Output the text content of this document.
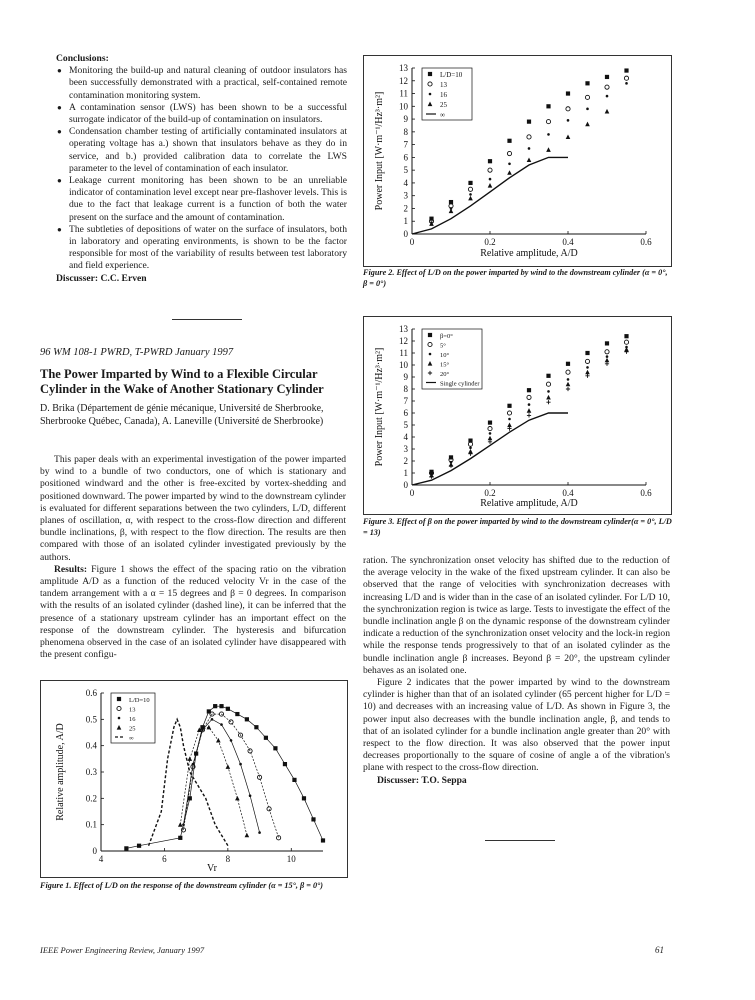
Conclusions:
● Monitoring the build-up and natural cleaning of outdoor insulators has been successfully demonstrated with a practical, self-contained remote contamination monitoring system.
● A contamination sensor (LWS) has been shown to be a successful surrogate indicator of the build-up of contamination on insulators.
● Condensation chamber testing of artificially contaminated insulators at operating voltage has a.) shown that insulators behave as they do in service, and b.) provided calibration data to correlate the LWS parameter to the level of contamination of each insulator.
● Leakage current monitoring has been shown to be an unreliable indicator of contamination level except near pre-flashover levels. This is due to the fact that leakage current is a function of both the water present on the surface and the amount of contamination.
● The subtleties of depositions of water on the surface of insulators, both in laboratory and operating environments, is shown to be the factor responsible for most of the variability of results between test laboratory and field experience.
Discusser: C.C. Erven
96 WM 108-1 PWRD, T-PWRD January 1997
The Power Imparted by Wind to a Flexible Circular Cylinder in the Wake of Another Stationary Cylinder
D. Brika (Département de génie mécanique, Université de Sherbrooke, Sherbrooke Québec, Canada), A. Laneville (Université de Sherbrooke)

This paper deals with an experimental investigation of the power imparted by wind to a bundle of two conductors, one of which is stationary and positioned windward and the other is free-excited by vortex-shedding and positioned downward. The power imparted by wind to the downstream cylinder is evaluated for different separations between the two cylinders, L/D, different planes of oscillation, α, with respect to the cross-flow direction and different bundle inclinations, β, with respect to the flow direction. The results are then compared with those of an isolated cylinder investigated previously by the authors.

Results: Figure 1 shows the effect of the spacing ratio on the vibration amplitude A/D as a function of the reduced velocity Vr in the case of the tandem arrangement with a α = 15 degrees and β = 0 degrees. In comparison with the results of an isolated cylinder (dashed line), it can be inferred that the presence of a stationary upstream cylinder has an important effect on the response of the downstream cylinder. The hysteresis and bifurcation phenomena observed in the case of an isolated cylinder have disappeared with the present configu-

0
0.1
0.2
0.3
0.4
0.5
0.6
4	6	8	10
Vr
Relative amplitude, A/D
L/D=10
13
16
25
∞
Figure 1. Effect of L/D on the response of the downstream cylinder (α = 15°, β = 0°)
0
1
2
3
4
5
6
7
8
9
10
11
12
13
0	0.2	0.4	0.6
Relative amplitude, A/D
Power Input [W·m⁻¹/Hz³·m²]
L/D=10
13
16
25
∞
Figure 2. Effect of L/D on the power imparted by wind to the downstream cylinder (α = 0°, β = 0°)
0
1
2
3
4
5
6
7
8
9
10
11
12
13
0	0.2	0.4	0.6
Relative amplitude, A/D
Power Input [W·m⁻¹/Hz³·m²]
β=0°
5°
10°
15°
20°
Single cylinder
Figure 3. Effect of β on the power imparted by wind to the downstream cylinder(α = 0°, L/D = 13)

ration. The synchronization onset velocity has shifted due to the reduction of the average velocity in the wake of the fixed upstream cylinder. It can also be observed that the range of velocities with synchronization decreases with increasing L/D and is wider than in the case of an isolated cylinder. For L/D 10, the synchronization region is twice as large. Tests to investigate the effect of the bundle inclination angle β on the dynamic response of the downstream cylinder indicate a reduction of the synchronization onset velocity and the lock-in region while the response tends progressively to that of an isolated cylinder as the bundle inclination angle β increases. Beyond β = 20°, the upstream cylinder behaves as an isolated one.

Figure 2 indicates that the power imparted by wind to the downstream cylinder is higher than that of an isolated cylinder (65 percent higher for L/D = 10) and decreases with an increasing value of L/D. As shown in Figure 3, the power input also decreases with the bundle inclination angle, β, and tends to that of an isolated cylinder for a bundle inclination angle greater than 20° with respect to the flow direction. It was also observed that the power input decreases proportionally to the square of cosine of angle a of the vibration's plane with respect to the cross-flow direction.

Discusser: T.O. Seppa
IEEE Power Engineering Review, January 1997	61
